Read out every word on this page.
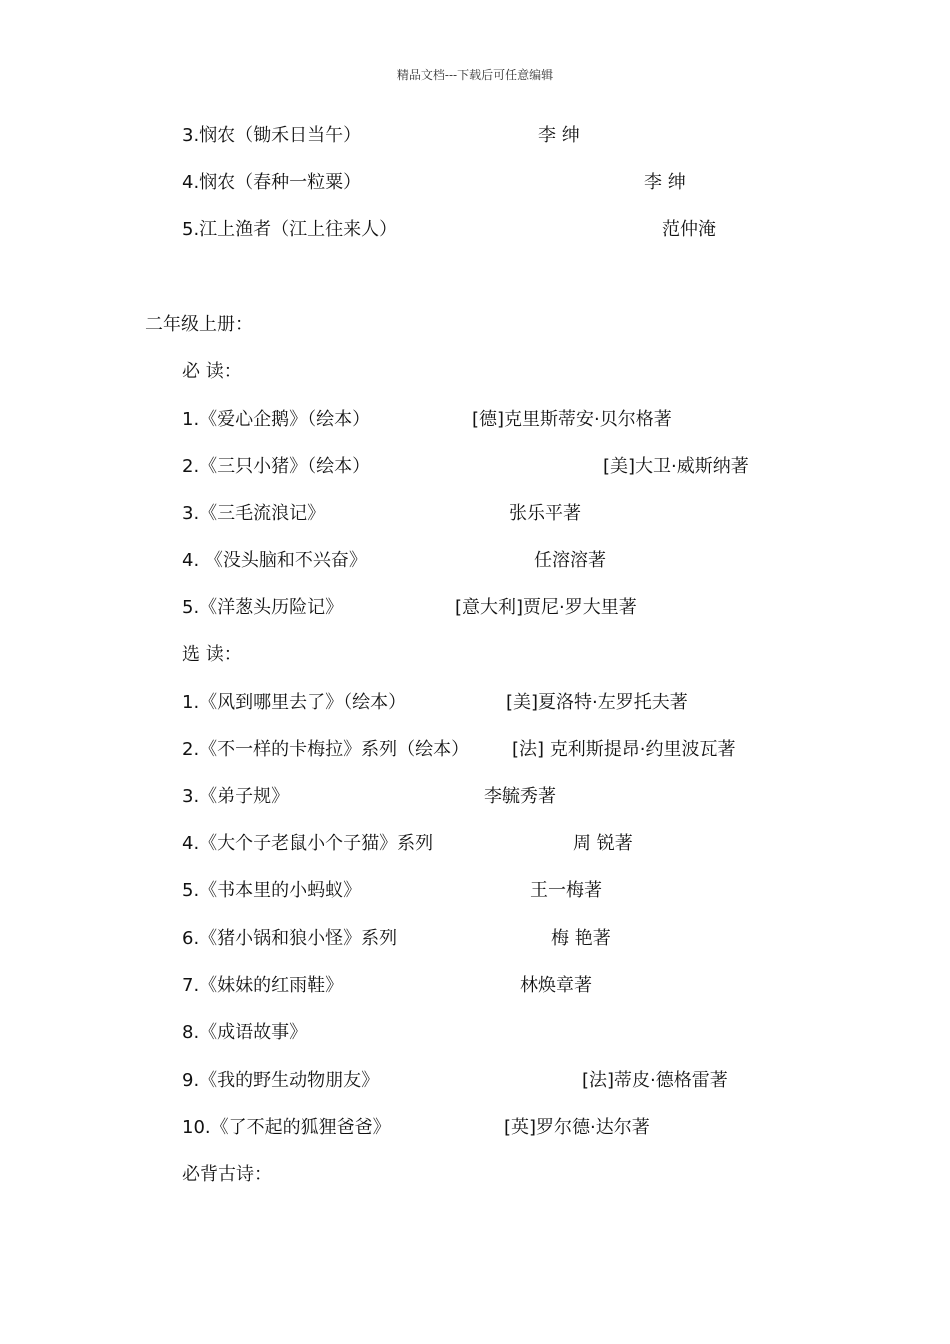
精品文档---下载后可任意编辑
3.悯农（锄禾日当午）	李 绅
4.悯农（春种一粒粟）	李 绅
5.江上渔者（江上往来人）	范仲淹
二年级上册：
必 读：
1.《爱心企鹅》（绘本）	[德]克里斯蒂安·贝尔格著
2.《三只小猪》（绘本）	[美]大卫·威斯纳著
3.《三毛流浪记》	张乐平著
4. 《没头脑和不兴奋》	任溶溶著
5.《洋葱头历险记》	[意大利]贾尼·罗大里著
选 读：
1.《风到哪里去了》（绘本）	[美]夏洛特·左罗托夫著
2.《不一样的卡梅拉》系列（绘本） [法] 克利斯提昂·约里波瓦著
3.《弟子规》	李毓秀著
4.《大个子老鼠小个子猫》系列	周 锐著
5.《书本里的小蚂蚁》	王一梅著
6.《猪小锅和狼小怪》系列	梅 艳著
7.《妹妹的红雨鞋》	林焕章著
8.《成语故事》
9.《我的野生动物朋友》	[法]蒂皮·德格雷著
10.《了不起的狐狸爸爸》	[英]罗尔德·达尔著
必背古诗：
